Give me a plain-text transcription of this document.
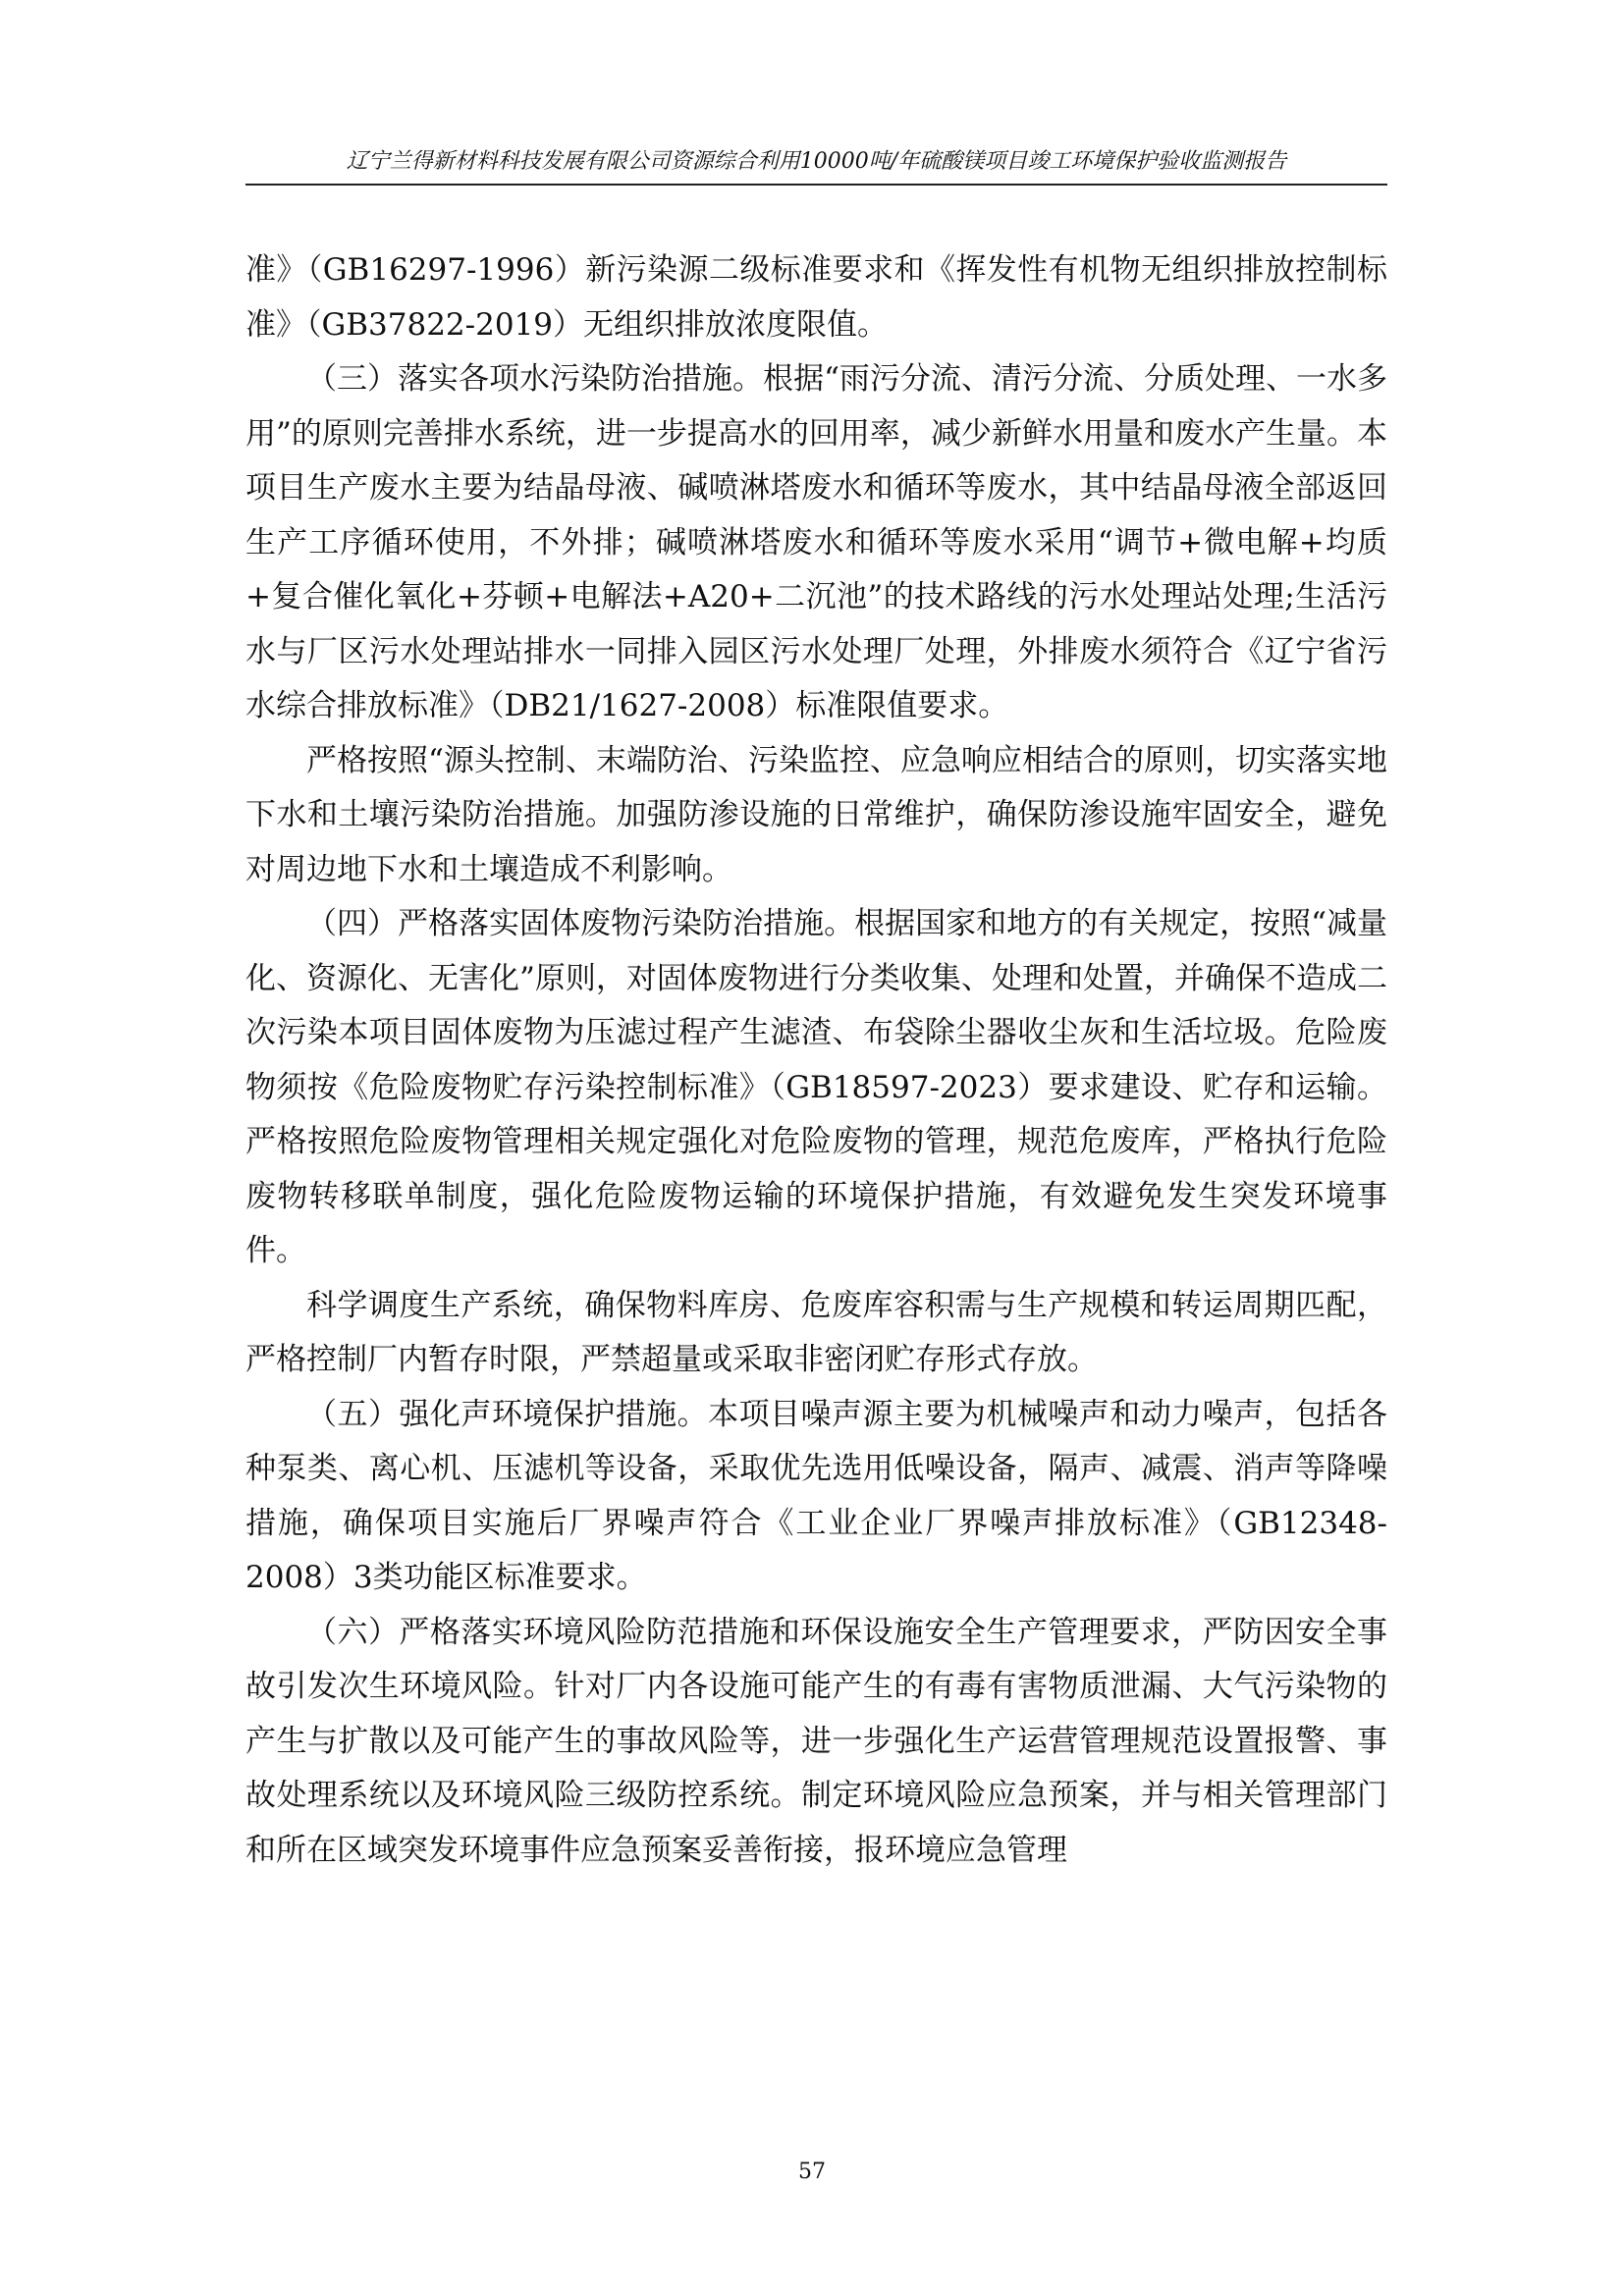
辽宁兰得新材料科技发展有限公司资源综合利用10000吨/年硫酸镁项目竣工环境保护验收监测报告

准》（GB16297-1996）新污染源二级标准要求和《挥发性有机物无组织排放控制标准》（GB37822-2019）无组织排放浓度限值。

（三）落实各项水污染防治措施。根据“雨污分流、清污分流、分质处理、一水多用”的原则完善排水系统，进一步提高水的回用率，减少新鲜水用量和废水产生量。本项目生产废水主要为结晶母液、碱喷淋塔废水和循环等废水，其中结晶母液全部返回生产工序循环使用，不外排；碱喷淋塔废水和循环等废水采用“调节+微电解+均质+复合催化氧化+芬顿+电解法+A20+二沉池”的技术路线的污水处理站处理;生活污水与厂区污水处理站排水一同排入园区污水处理厂处理，外排废水须符合《辽宁省污水综合排放标准》（DB21/1627-2008）标准限值要求。

严格按照“源头控制、末端防治、污染监控、应急响应相结合的原则，切实落实地下水和土壤污染防治措施。加强防渗设施的日常维护，确保防渗设施牢固安全，避免对周边地下水和土壤造成不利影响。

（四）严格落实固体废物污染防治措施。根据国家和地方的有关规定，按照“减量化、资源化、无害化”原则，对固体废物进行分类收集、处理和处置，并确保不造成二次污染本项目固体废物为压滤过程产生滤渣、布袋除尘器收尘灰和生活垃圾。危险废物须按《危险废物贮存污染控制标准》（GB18597-2023）要求建设、贮存和运输。严格按照危险废物管理相关规定强化对危险废物的管理，规范危废库，严格执行危险废物转移联单制度，强化危险废物运输的环境保护措施，有效避免发生突发环境事件。

科学调度生产系统，确保物料库房、危废库容积需与生产规模和转运周期匹配，严格控制厂内暂存时限，严禁超量或采取非密闭贮存形式存放。

（五）强化声环境保护措施。本项目噪声源主要为机械噪声和动力噪声，包括各种泵类、离心机、压滤机等设备，采取优先选用低噪设备，隔声、减震、消声等降噪措施，确保项目实施后厂界噪声符合《工业企业厂界噪声排放标准》（GB12348-2008）3类功能区标准要求。

（六）严格落实环境风险防范措施和环保设施安全生产管理要求，严防因安全事故引发次生环境风险。针对厂内各设施可能产生的有毒有害物质泄漏、大气污染物的产生与扩散以及可能产生的事故风险等，进一步强化生产运营管理规范设置报警、事故处理系统以及环境风险三级防控系统。制定环境风险应急预案，并与相关管理部门和所在区域突发环境事件应急预案妥善衔接，报环境应急管理

57
